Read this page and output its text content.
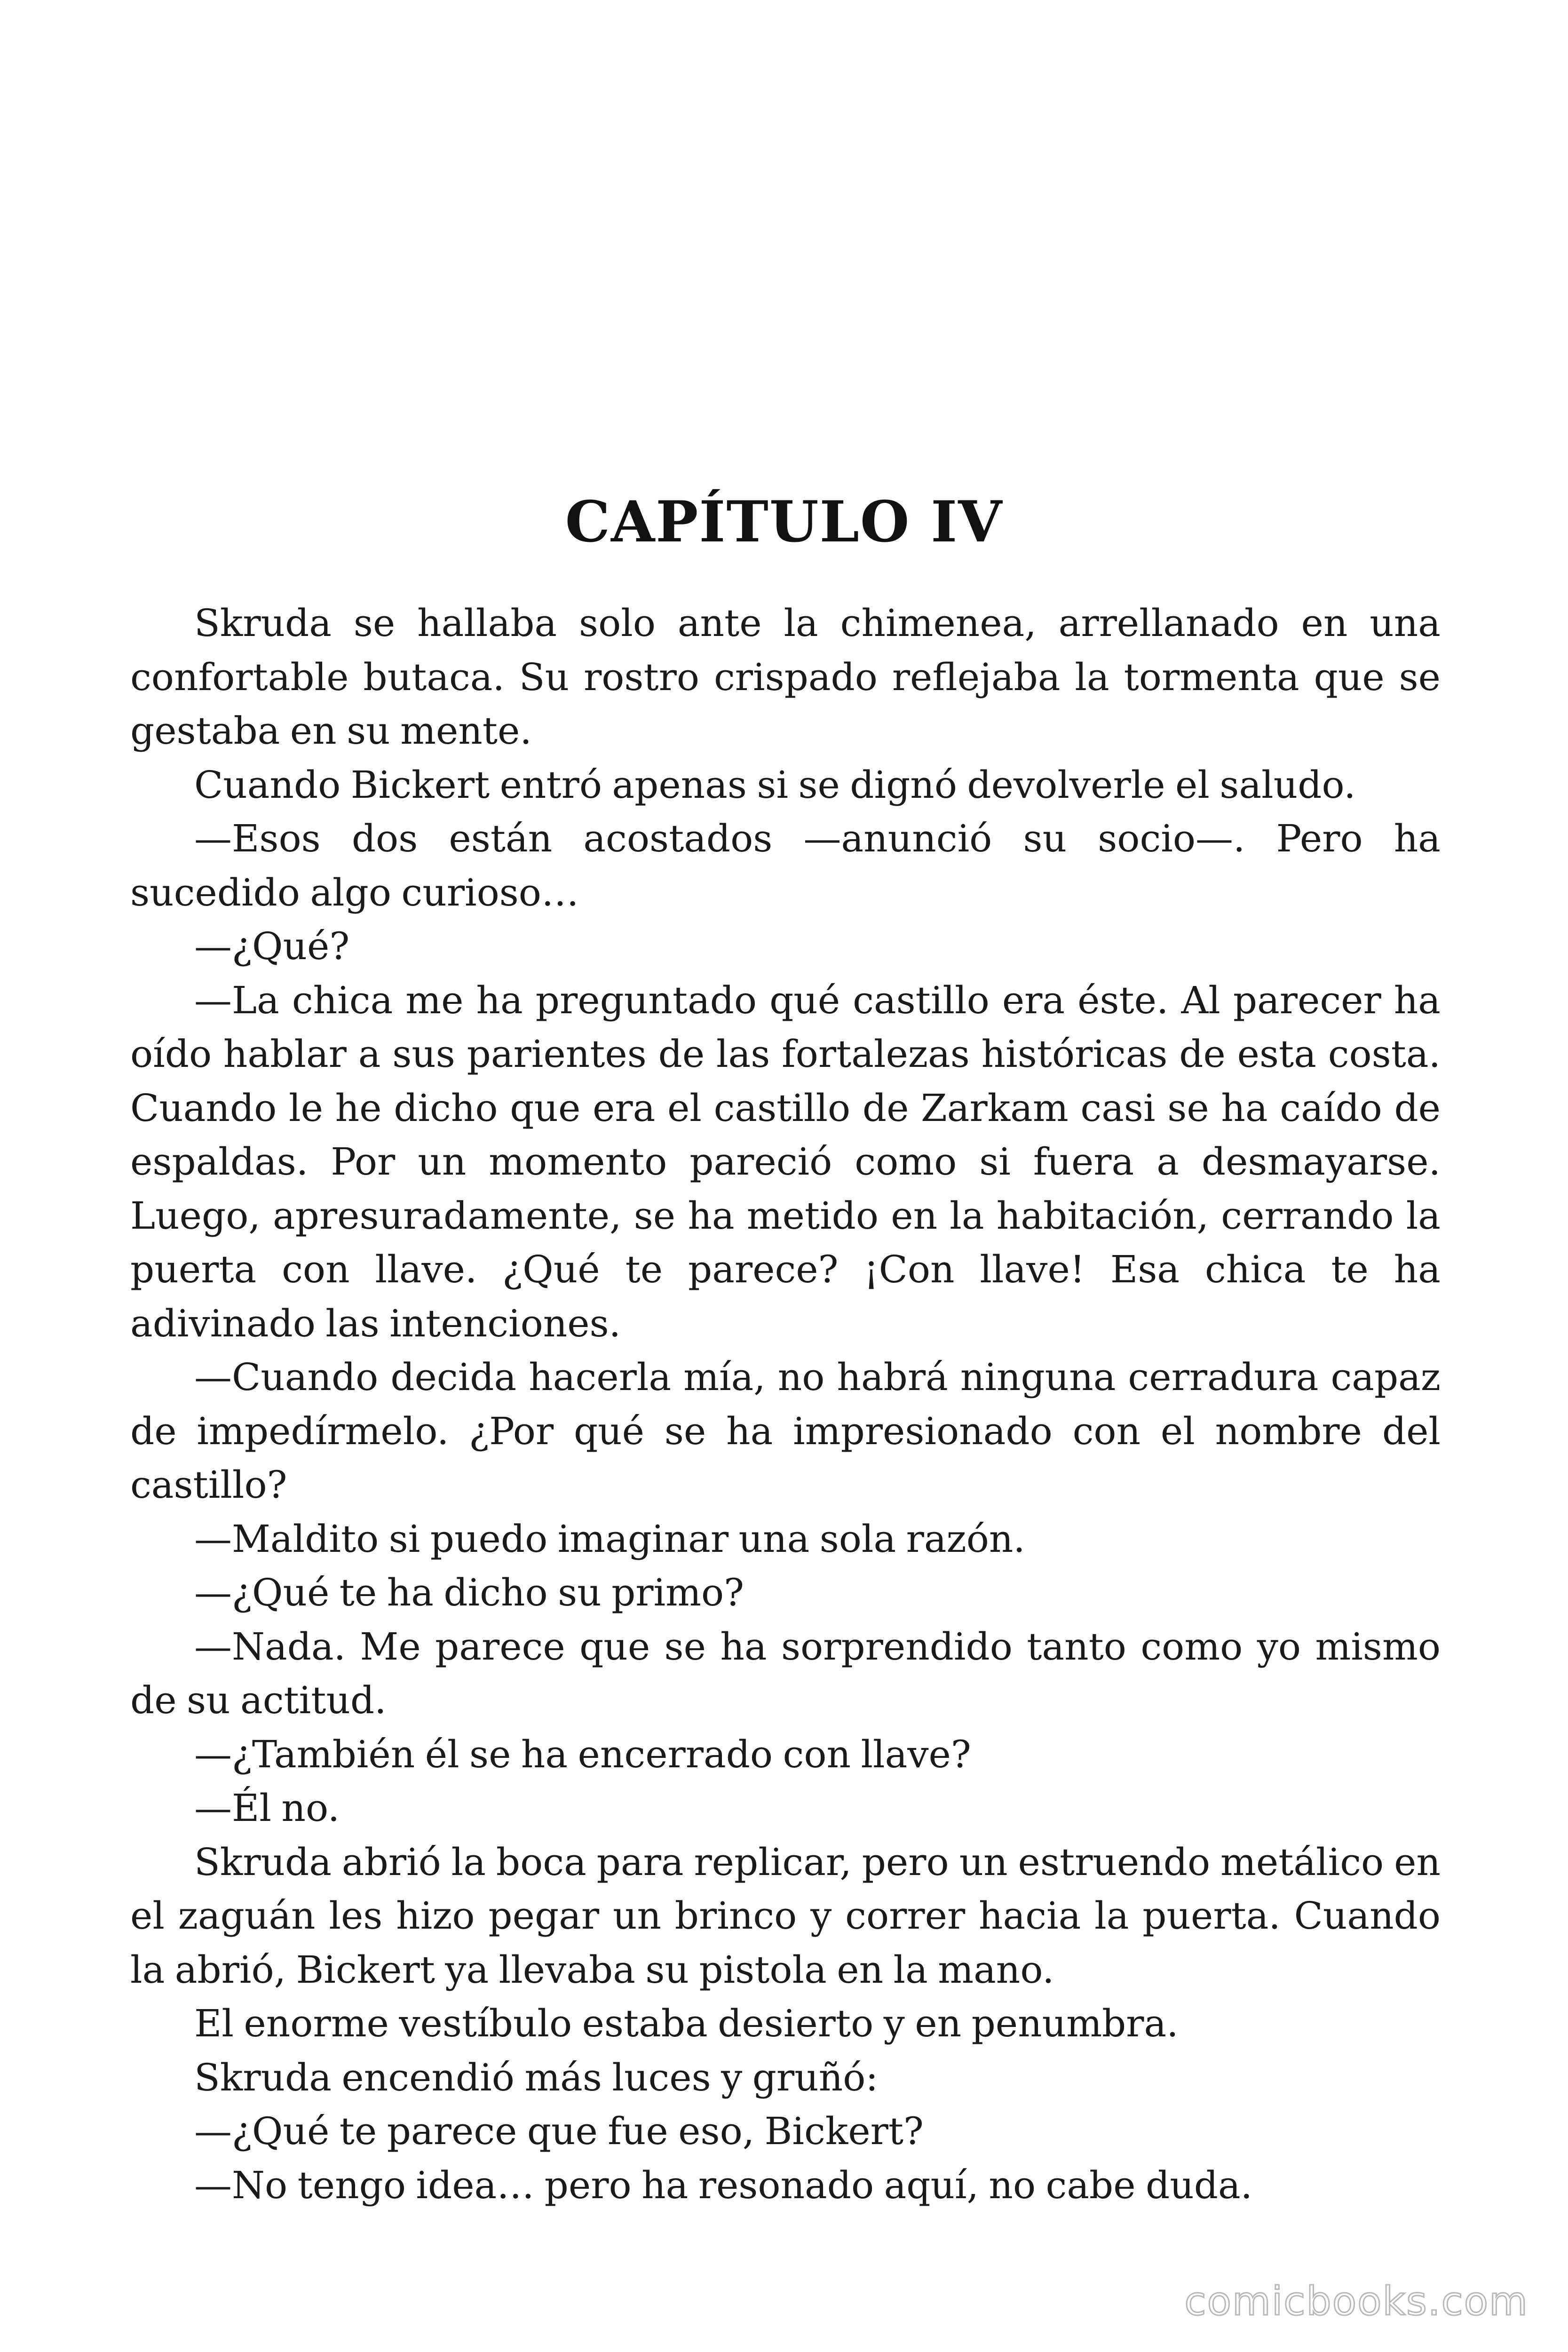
CAPÍTULO IV

Skruda se hallaba solo ante la chimenea, arrellanado en una confortable butaca. Su rostro crispado reflejaba la tormenta que se gestaba en su mente.

Cuando Bickert entró apenas si se dignó devolverle el saludo.

—Esos dos están acostados —anunció su socio—. Pero ha sucedido algo curioso…

—¿Qué?

—La chica me ha preguntado qué castillo era éste. Al parecer ha oído hablar a sus parientes de las fortalezas históricas de esta costa. Cuando le he dicho que era el castillo de Zarkam casi se ha caído de espaldas. Por un momento pareció como si fuera a desmayarse. Luego, apresuradamente, se ha metido en la habitación, cerrando la puerta con llave. ¿Qué te parece? ¡Con llave! Esa chica te ha adivinado las intenciones.

—Cuando decida hacerla mía, no habrá ninguna cerradura capaz de impedírmelo. ¿Por qué se ha impresionado con el nombre del castillo?

—Maldito si puedo imaginar una sola razón.

—¿Qué te ha dicho su primo?

—Nada. Me parece que se ha sorprendido tanto como yo mismo de su actitud.

—¿También él se ha encerrado con llave?

—Él no.

Skruda abrió la boca para replicar, pero un estruendo metálico en el zaguán les hizo pegar un brinco y correr hacia la puerta. Cuando la abrió, Bickert ya llevaba su pistola en la mano.

El enorme vestíbulo estaba desierto y en penumbra.

Skruda encendió más luces y gruñó:

—¿Qué te parece que fue eso, Bickert?

—No tengo idea… pero ha resonado aquí, no cabe duda.

comicbooks.com
